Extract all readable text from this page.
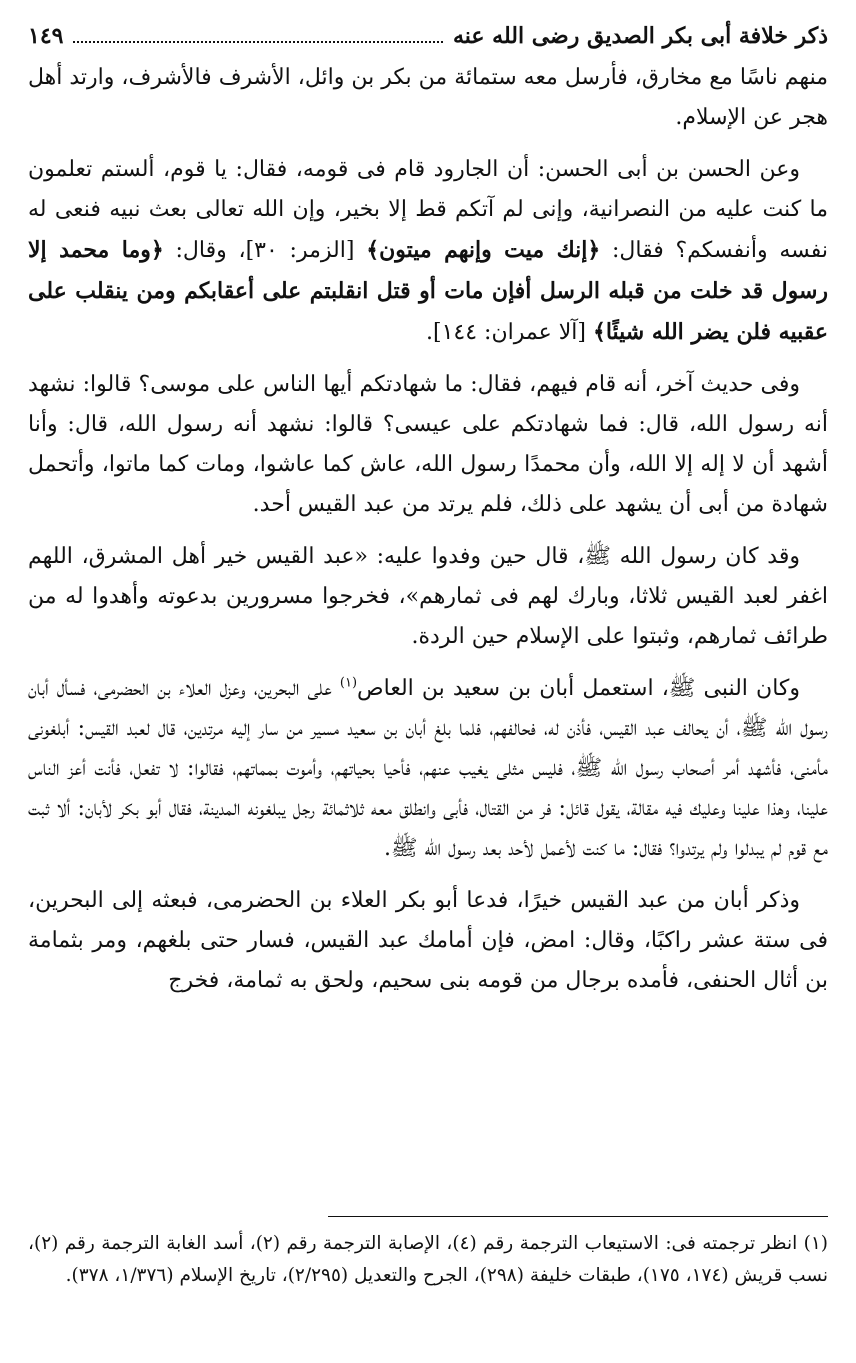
ذكر خلافة أبى بكر الصديق رضى الله عنه
١٤٩

منهم ناسًا مع مخارق، فأرسل معه ستمائة من بكر بن وائل، الأشرف فالأشرف، وارتد أهل هجر عن الإسلام.

وعن الحسن بن أبى الحسن: أن الجارود قام فى قومه، فقال: يا قوم، ألستم تعلمون ما كنت عليه من النصرانية، وإنى لم آتكم قط إلا بخير، وإن الله تعالى بعث نبيه فنعى له نفسه وأنفسكم؟ فقال: ﴿إنك ميت وإنهم ميتون﴾ [الزمر: ٣٠]، وقال: ﴿وما محمد إلا رسول قد خلت من قبله الرسل أفإن مات أو قتل انقلبتم على أعقابكم ومن ينقلب على عقبيه فلن يضر الله شيئًا﴾ [آلا عمران: ١٤٤].

وفى حديث آخر، أنه قام فيهم، فقال: ما شهادتكم أيها الناس على موسى؟ قالوا: نشهد أنه رسول الله، قال: فما شهادتكم على عيسى؟ قالوا: نشهد أنه رسول الله، قال: وأنا أشهد أن لا إله إلا الله، وأن محمدًا رسول الله، عاش كما عاشوا، ومات كما ماتوا، وأتحمل شهادة من أبى أن يشهد على ذلك، فلم يرتد من عبد القيس أحد.

وقد كان رسول الله ﷺ، قال حين وفدوا عليه: «عبد القيس خير أهل المشرق، اللهم اغفر لعبد القيس ثلاثا، وبارك لهم فى ثمارهم»، فخرجوا مسرورين بدعوته وأهدوا له من طرائف ثمارهم، وثبتوا على الإسلام حين الردة.

وكان النبى ﷺ، استعمل أبان بن سعيد بن العاص$^{(١)}$ على البحرين، وعزل العلاء بن الحضرمى، فسأل أبان رسول الله ﷺ، أن يحالف عبد القيس، فأذن له، فحالفهم، فلما بلغ أبان بن سعيد مسير من سار إليه مرتدين، قال لعبد القيس: أبلغونى مأمنى، فأشهد أمر أصحاب رسول الله ﷺ، فليس مثلى يغيب عنهم، فأحيا بحياتهم، وأموت بمماتهم، فقالوا: لا تفعل، فأنت أعز الناس علينا، وهذا علينا وعليك فيه مقالة، يقول قائل: فر من القتال، فأبى وانطلق معه ثلاثمائة رجل يبلغونه المدينة، فقال أبو بكر لأبان: ألا ثبت مع قوم لم يبدلوا ولم يرتدوا؟ فقال: ما كنت لأعمل لأحد بعد رسول الله ﷺ.

وذكر أبان من عبد القيس خيرًا، فدعا أبو بكر العلاء بن الحضرمى، فبعثه إلى البحرين، فى ستة عشر راكبًا، وقال: امض، فإن أمامك عبد القيس، فسار حتى بلغهم، ومر بثمامة بن أثال الحنفى، فأمده برجال من قومه بنى سحيم، ولحق به ثمامة، فخرج

(١) انظر ترجمته فى: الاستيعاب الترجمة رقم (٤)، الإصابة الترجمة رقم (٢)، أسد الغابة الترجمة رقم (٢)، نسب قريش (١٧٤، ١٧٥)، طبقات خليفة (٢٩٨)، الجرح والتعديل (٢/٢٩٥)، تاريخ الإسلام (١/٣٧٦، ٣٧٨).
